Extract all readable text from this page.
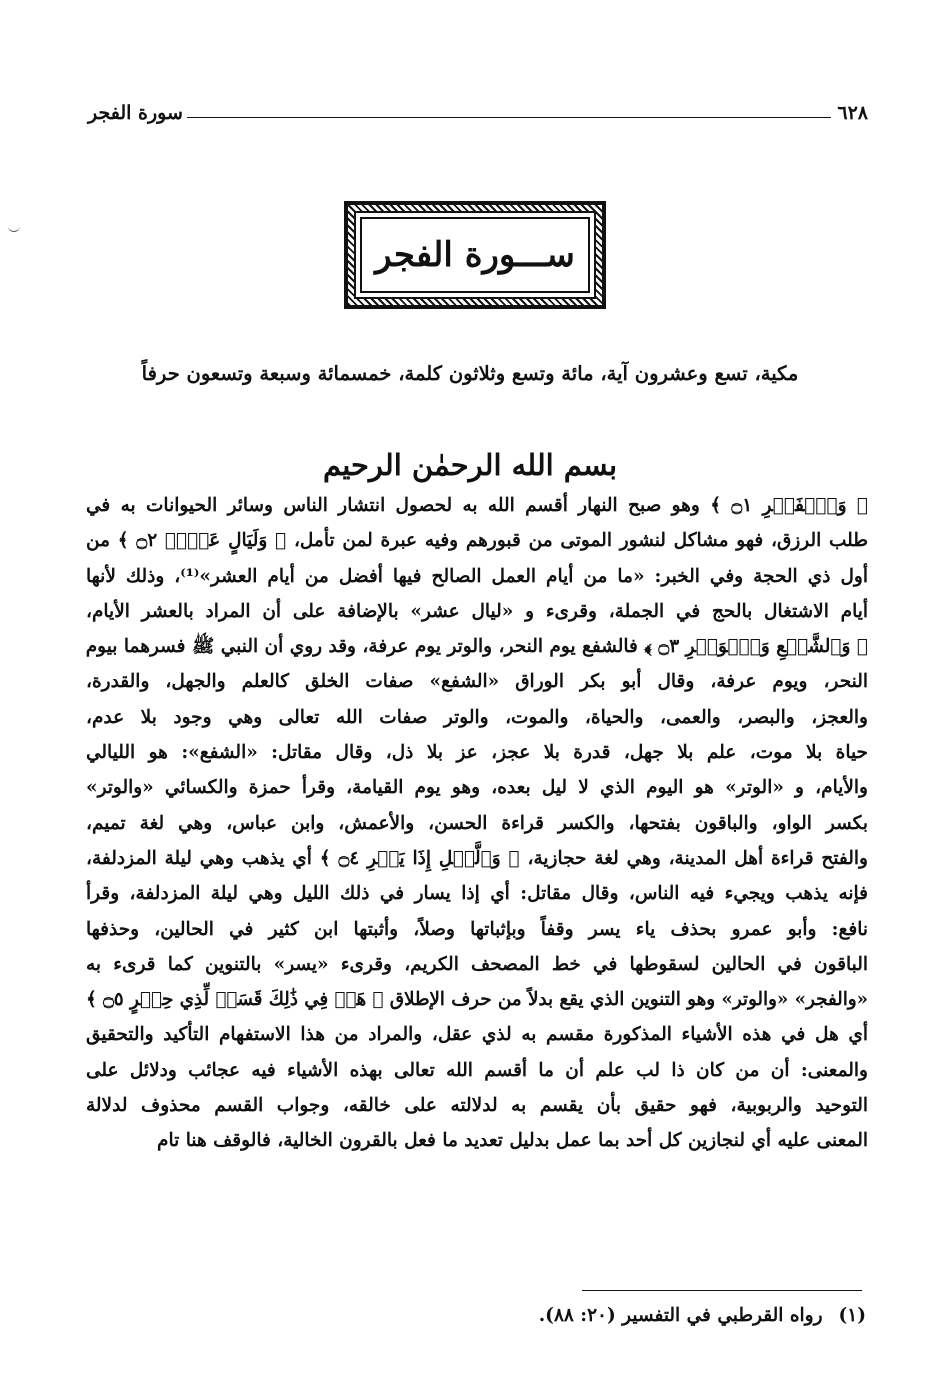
٦٢٨
سورة الفجر
ســـورة الفجر
مكية، تسع وعشرون آية، مائة وتسع وثلاثون كلمة، خمسمائة وسبعة وتسعون حرفاً
بسم الله الرحمٰن الرحيم
﴿ وَٱلۡفَجۡرِ ۝١ ﴾ وهو صبح النهار أقسم الله به لحصول انتشار الناس وسائر الحيوانات به في
طلب الرزق، فهو مشاكل لنشور الموتى من قبورهم وفيه عبرة لمن تأمل، ﴿ وَلَيَالٍ عَشۡرٖ ۝٢ ﴾ من
أول ذي الحجة وفي الخبر: «ما من أيام العمل الصالح فيها أفضل من أيام العشر»⁽¹⁾، وذلك لأنها
أيام الاشتغال بالحج في الجملة، وقرىء و «ليال عشر» بالإضافة على أن المراد بالعشر الأيام،
﴿ وَٱلشَّفۡعِ وَٱلۡوَتۡرِ ۝٣ ﴾ فالشفع يوم النحر، والوتر يوم عرفة، وقد روي أن النبي ﷺ فسرهما بيوم
النحر، ويوم عرفة، وقال أبو بكر الوراق «الشفع» صفات الخلق كالعلم والجهل، والقدرة،
والعجز، والبصر، والعمى، والحياة، والموت، والوتر صفات الله تعالى وهي وجود بلا عدم،
حياة بلا موت، علم بلا جهل، قدرة بلا عجز، عز بلا ذل، وقال مقاتل: «الشفع»: هو الليالي
والأيام، و «الوتر» هو اليوم الذي لا ليل بعده، وهو يوم القيامة، وقرأ حمزة والكسائي «والوتر»
بكسر الواو، والباقون بفتحها، والكسر قراءة الحسن، والأعمش، وابن عباس، وهي لغة تميم،
والفتح قراءة أهل المدينة، وهي لغة حجازية، ﴿ وَٱلَّيۡلِ إِذَا يَسۡرِ ۝٤ ﴾ أي يذهب وهي ليلة المزدلفة،
فإنه يذهب ويجيء فيه الناس، وقال مقاتل: أي إذا يسار في ذلك الليل وهي ليلة المزدلفة، وقرأ
نافع: وأبو عمرو بحذف ياء يسر وقفاً وبإثباتها وصلاً، وأثبتها ابن كثير في الحالين، وحذفها
الباقون في الحالين لسقوطها في خط المصحف الكريم، وقرىء «يسر» بالتنوين كما قرىء به
«والفجر» «والوتر» وهو التنوين الذي يقع بدلاً من حرف الإطلاق ﴿ هَلۡ فِي ذَٰلِكَ قَسَمٞ لِّذِي حِجۡرٍ ۝٥ ﴾
أي هل في هذه الأشياء المذكورة مقسم به لذي عقل، والمراد من هذا الاستفهام التأكيد والتحقيق
والمعنى: أن من كان ذا لب علم أن ما أقسم الله تعالى بهذه الأشياء فيه عجائب ودلائل على
التوحيد والربوبية، فهو حقيق بأن يقسم به لدلالته على خالقه، وجواب القسم محذوف لدلالة
المعنى عليه أي لنجازين كل أحد بما عمل بدليل تعديد ما فعل بالقرون الخالية، فالوقف هنا تام
(١)رواه القرطبي في التفسير (٢٠: ٨٨).
